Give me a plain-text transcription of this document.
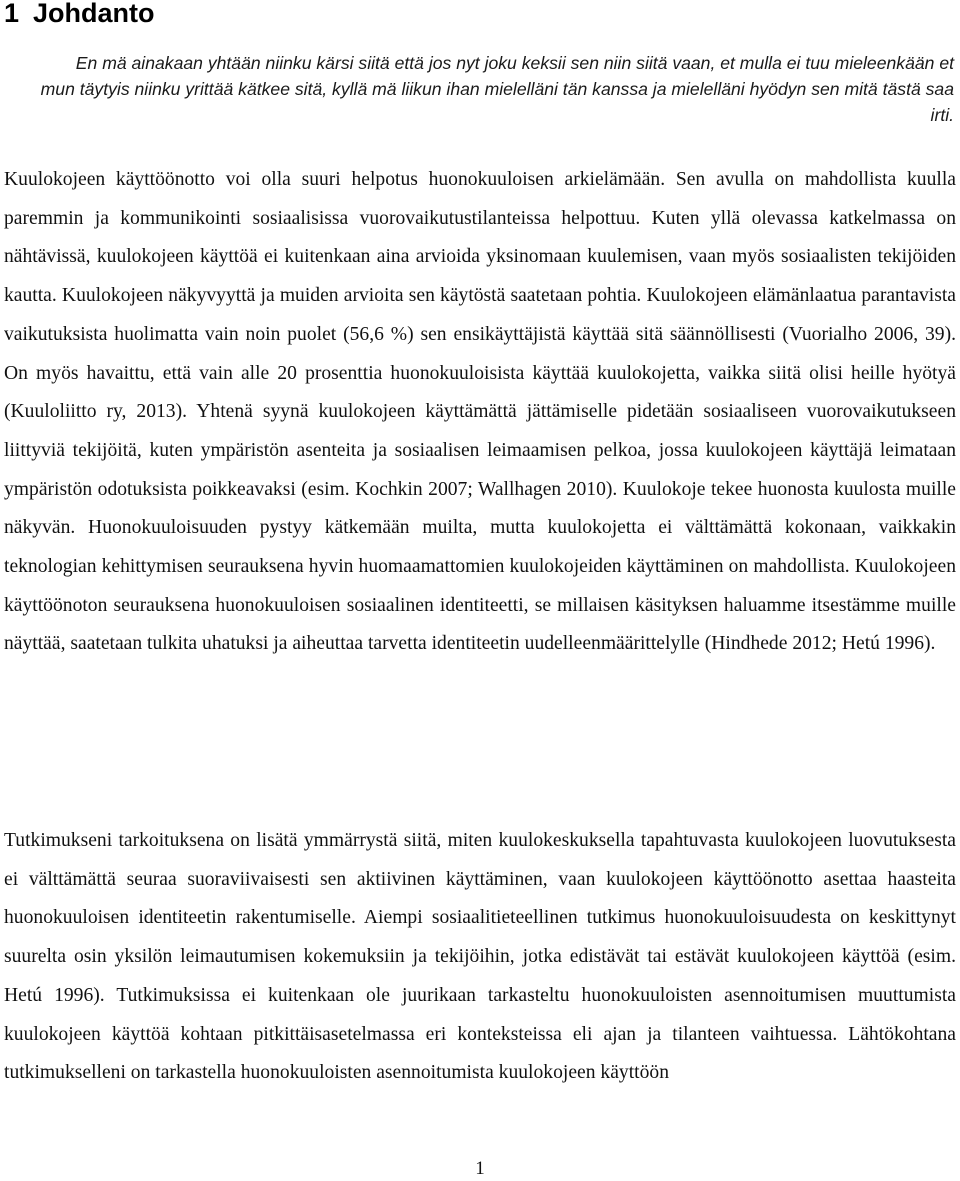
1 Johdanto

En mä ainakaan yhtään niinku kärsi siitä että jos nyt joku keksii sen niin siitä vaan, et mulla ei tuu mieleenkään et mun täytyis niinku yrittää kätkee sitä, kyllä mä liikun ihan mielelläni tän kanssa ja mielelläni hyödyn sen mitä tästä saa irti.

Kuulokojeen käyttöönotto voi olla suuri helpotus huonokuuloisen arkielämään. Sen avulla on mahdollista kuulla paremmin ja kommunikointi sosiaalisissa vuorovaikutustilanteissa helpottuu. Kuten yllä olevassa katkelmassa on nähtävissä, kuulokojeen käyttöä ei kuitenkaan aina arvioida yksinomaan kuulemisen, vaan myös sosiaalisten tekijöiden kautta. Kuulokojeen näkyvyyttä ja muiden arvioita sen käytöstä saatetaan pohtia. Kuulokojeen elämänlaatua parantavista vaikutuksista huolimatta vain noin puolet (56,6 %) sen ensikäyttäjistä käyttää sitä säännöllisesti (Vuorialho 2006, 39). On myös havaittu, että vain alle 20 prosenttia huonokuuloisista käyttää kuulokojetta, vaikka siitä olisi heille hyötyä (Kuuloliitto ry, 2013). Yhtenä syynä kuulokojeen käyttämättä jättämiselle pidetään sosiaaliseen vuorovaikutukseen liittyviä tekijöitä, kuten ympäristön asenteita ja sosiaalisen leimaamisen pelkoa, jossa kuulokojeen käyttäjä leimataan ympäristön odotuksista poikkeavaksi (esim. Kochkin 2007; Wallhagen 2010). Kuulokoje tekee huonosta kuulosta muille näkyvän. Huonokuuloisuuden pystyy kätkemään muilta, mutta kuulokojetta ei välttämättä kokonaan, vaikkakin teknologian kehittymisen seurauksena hyvin huomaamattomien kuulokojeiden käyttäminen on mahdollista. Kuulokojeen käyttöönoton seurauksena huonokuuloisen sosiaalinen identiteetti, se millaisen käsityksen haluamme itsestämme muille näyttää, saatetaan tulkita uhatuksi ja aiheuttaa tarvetta identiteetin uudelleenmäärittelylle (Hindhede 2012; Hetú 1996).

Tutkimukseni tarkoituksena on lisätä ymmärrystä siitä, miten kuulokeskuksella tapahtuvasta kuulokojeen luovutuksesta ei välttämättä seuraa suoraviivaisesti sen aktiivinen käyttäminen, vaan kuulokojeen käyttöönotto asettaa haasteita huonokuuloisen identiteetin rakentumiselle. Aiempi sosiaalitieteellinen tutkimus huonokuuloisuudesta on keskittynyt suurelta osin yksilön leimautumisen kokemuksiin ja tekijöihin, jotka edistävät tai estävät kuulokojeen käyttöä (esim. Hetú 1996). Tutkimuksissa ei kuitenkaan ole juurikaan tarkasteltu huonokuuloisten asennoitumisen muuttumista kuulokojeen käyttöä kohtaan pitkittäisasetelmassa eri konteksteissa eli ajan ja tilanteen vaihtuessa. Lähtökohtana tutkimukselleni on tarkastella huonokuuloisten asennoitumista kuulokojeen käyttöön

1
